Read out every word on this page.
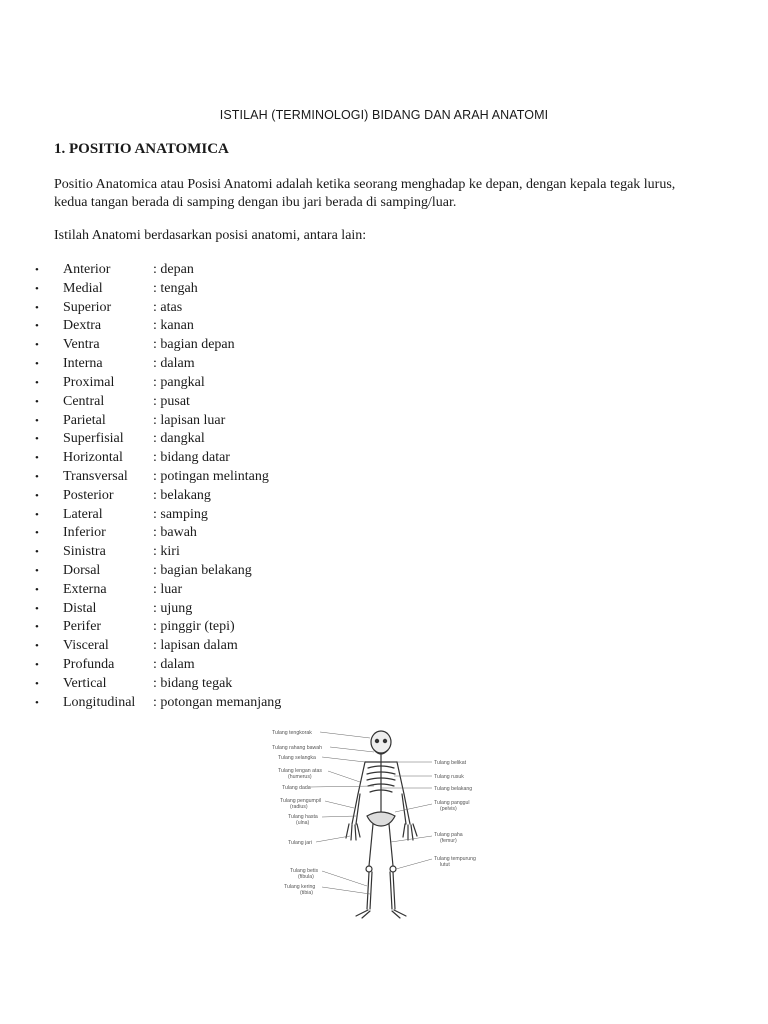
ISTILAH (TERMINOLOGI) BIDANG DAN ARAH ANATOMI
1. POSITIO ANATOMICA
Positio Anatomica atau Posisi Anatomi adalah ketika seorang menghadap ke depan, dengan kepala tegak lurus,
kedua tangan berada di samping dengan ibu jari berada di samping/luar.
Istilah Anatomi berdasarkan posisi anatomi, antara lain:
• Anterior	: depan
• Medial	: tengah
• Superior	: atas
• Dextra	: kanan
• Ventra	: bagian depan
• Interna	: dalam
• Proximal	: pangkal
• Central	: pusat
• Parietal	: lapisan luar
• Superfisial : dangkal
• Horizontal : bidang datar
• Transversal : potingan melintang
• Posterior	: belakang
• Lateral	: samping
• Inferior	: bawah
• Sinistra	: kiri
• Dorsal	: bagian belakang
• Externa	: luar
• Distal	: ujung
• Perifer	: pinggir (tepi)
• Visceral	: lapisan dalam
• Profunda	: dalam
• Vertical	: bidang tegak
• Longitudinal : potongan memanjang
Tulang tengkorak
Tulang rahang bawah
Tulang selangka
Tulang lengan atas
(humerus)
Tulang dada
Tulang pengumpil
(radius)
Tulang hasta
(ulna)
Tulang jari
Tulang betis
(fibula)
Tulang kering
(tibia)
Tulang belikat
Tulang rusuk
Tulang belakang
Tulang panggul
(pelvis)
Tulang paha
(femur)
Tulang tempurung
lutut
